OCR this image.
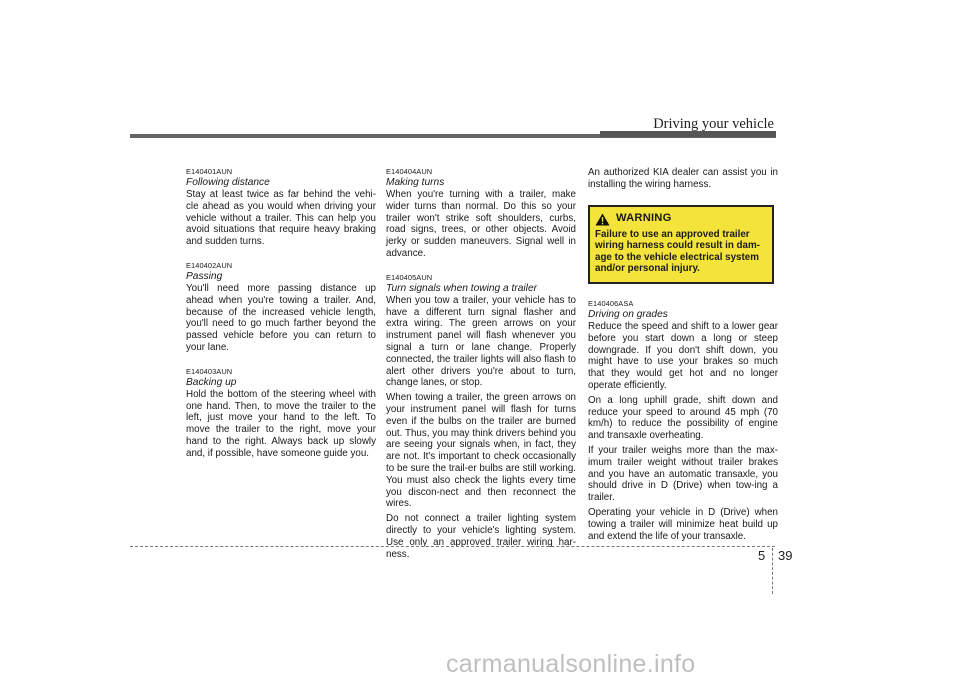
Driving your vehicle

E140401AUN

Following distance

Stay at least twice as far behind the vehi-cle ahead as you would when driving your vehicle without a trailer. This can help you avoid situations that require heavy braking and sudden turns.

E140402AUN

Passing

You'll need more passing distance up ahead when you're towing a trailer. And, because of the increased vehicle length, you'll need to go much farther beyond the passed vehicle before you can return to your lane.

E140403AUN

Backing up

Hold the bottom of the steering wheel with one hand. Then, to move the trailer to the left, just move your hand to the left. To move the trailer to the right, move your hand to the right. Always back up slowly and, if possible, have someone guide you.

E140404AUN

Making turns

When you're turning with a trailer, make wider turns than normal. Do this so your trailer won't strike soft shoulders, curbs, road signs, trees, or other objects. Avoid jerky or sudden maneuvers. Signal well in advance.

E140405AUN

Turn signals when towing a trailer

When you tow a trailer, your vehicle has to have a different turn signal flasher and extra wiring. The green arrows on your instrument panel will flash whenever you signal a turn or lane change. Properly connected, the trailer lights will also flash to alert other drivers you're about to turn, change lanes, or stop.

When towing a trailer, the green arrows on your instrument panel will flash for turns even if the bulbs on the trailer are burned out. Thus, you may think drivers behind you are seeing your signals when, in fact, they are not. It's important to check occasionally to be sure the trail-er bulbs are still working. You must also check the lights every time you discon-nect and then reconnect the wires.

Do not connect a trailer lighting system directly to your vehicle's lighting system. Use only an approved trailer wiring har-ness.

An authorized KIA dealer can assist you in installing the wiring harness.

WARNING

Failure to use an approved trailer wiring harness could result in dam-age to the vehicle electrical system and/or personal injury.

E140406ASA

Driving on grades

Reduce the speed and shift to a lower gear before you start down a long or steep downgrade. If you don't shift down, you might have to use your brakes so much that they would get hot and no longer operate efficiently.

On a long uphill grade, shift down and reduce your speed to around 45 mph (70 km/h) to reduce the possibility of engine and transaxle overheating.

If your trailer weighs more than the max-imum trailer weight without trailer brakes and you have an automatic transaxle, you should drive in D (Drive) when tow-ing a trailer.

Operating your vehicle in D (Drive) when towing a trailer will minimize heat build up and extend the life of your transaxle.

5 39
carmanualsonline.info
